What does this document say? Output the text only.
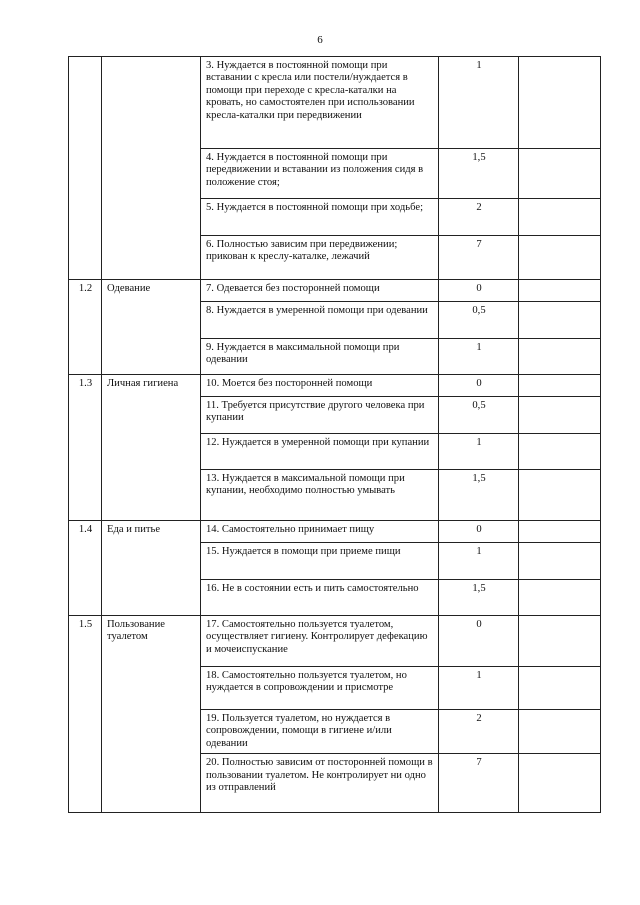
6
		3. Нуждается в постоянной помощи при вставании с кресла или постели/нуждается в помощи при переходе с кресла-каталки на кровать, но самостоятелен при использовании кресла-каталки при передвижении	1	
		4. Нуждается в постоянной помощи при передвижении и вставании из положения сидя в положение стоя;	1,5	
		5. Нуждается в постоянной помощи при ходьбе;	2	
		6. Полностью зависим при передвижении; прикован к креслу-каталке, лежачий	7	
1.2	Одевание	7. Одевается без посторонней помощи	0	
		8. Нуждается в умеренной помощи при одевании	0,5	
		9. Нуждается в максимальной помощи при одевании	1	
1.3	Личная гигиена	10. Моется без посторонней помощи	0	
		11. Требуется присутствие другого человека при купании	0,5	
		12. Нуждается в умеренной помощи при купании	1	
		13. Нуждается в максимальной помощи при купании, необходимо полностью умывать	1,5	
1.4	Еда и питье	14. Самостоятельно принимает пищу	0	
		15. Нуждается в помощи при приеме пищи	1	
		16. Не в состоянии есть и пить самостоятельно	1,5	
1.5	Пользование туалетом	17. Самостоятельно пользуется туалетом, осуществляет гигиену. Контролирует дефекацию и мочеиспускание	0	
		18. Самостоятельно пользуется туалетом, но нуждается в сопровождении и присмотре	1	
		19. Пользуется туалетом, но нуждается в сопровождении, помощи в гигиене и/или одевании	2	
		20. Полностью зависим от посторонней помощи в пользовании туалетом. Не контролирует ни одно из отправлений	7	
